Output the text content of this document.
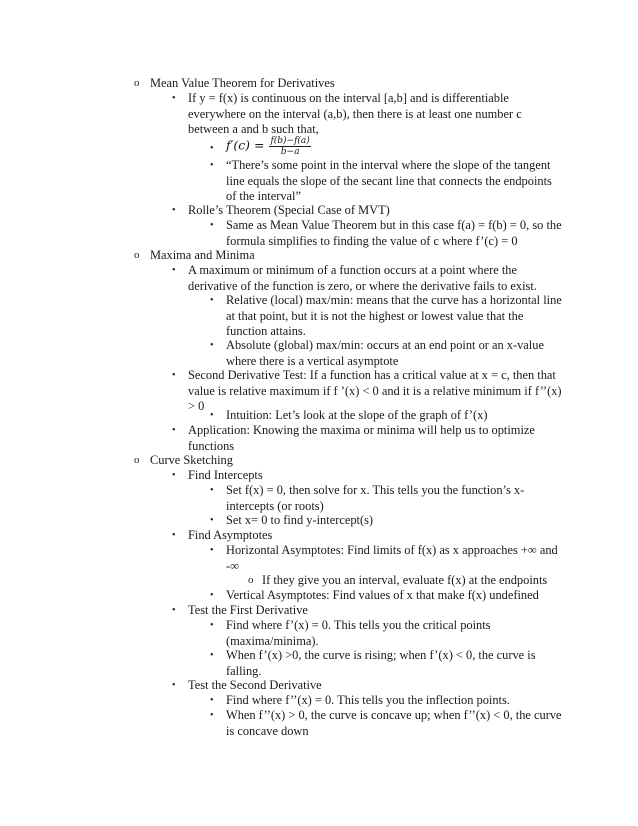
o Mean Value Theorem for Derivatives
• If y = f(x) is continuous on the interval [a,b] and is differentiable everywhere on the interval (a,b), then there is at least one number c between a and b such that,
• $f'(c) = \frac{f(b)-f(a)}{b-a}$
• “There’s some point in the interval where the slope of the tangent line equals the slope of the secant line that connects the endpoints of the interval”
• Rolle’s Theorem (Special Case of MVT)
• Same as Mean Value Theorem but in this case f(a) = f(b) = 0, so the formula simplifies to finding the value of c where f’(c) = 0
o Maxima and Minima
• A maximum or minimum of a function occurs at a point where the derivative of the function is zero, or where the derivative fails to exist.
• Relative (local) max/min: means that the curve has a horizontal line at that point, but it is not the highest or lowest value that the function attains.
• Absolute (global) max/min: occurs at an end point or an x-value where there is a vertical asymptote
• Second Derivative Test: If a function has a critical value at x = c, then that value is relative maximum if f ’(x) < 0 and it is a relative minimum if f’’(x) > 0
• Intuition: Let’s look at the slope of the graph of f’(x)
• Application: Knowing the maxima or minima will help us to optimize functions
o Curve Sketching
• Find Intercepts
• Set f(x) = 0, then solve for x. This tells you the function’s x-intercepts (or roots)
• Set x= 0 to find y-intercept(s)
• Find Asymptotes
• Horizontal Asymptotes: Find limits of f(x) as x approaches +∞ and -∞
o If they give you an interval, evaluate f(x) at the endpoints
• Vertical Asymptotes: Find values of x that make f(x) undefined
• Test the First Derivative
• Find where f’(x) = 0. This tells you the critical points (maxima/minima).
• When f’(x) >0, the curve is rising; when f’(x) < 0, the curve is falling.
• Test the Second Derivative
• Find where f’’(x) = 0. This tells you the inflection points.
• When f’’(x) > 0, the curve is concave up; when f’’(x) < 0, the curve is concave down
